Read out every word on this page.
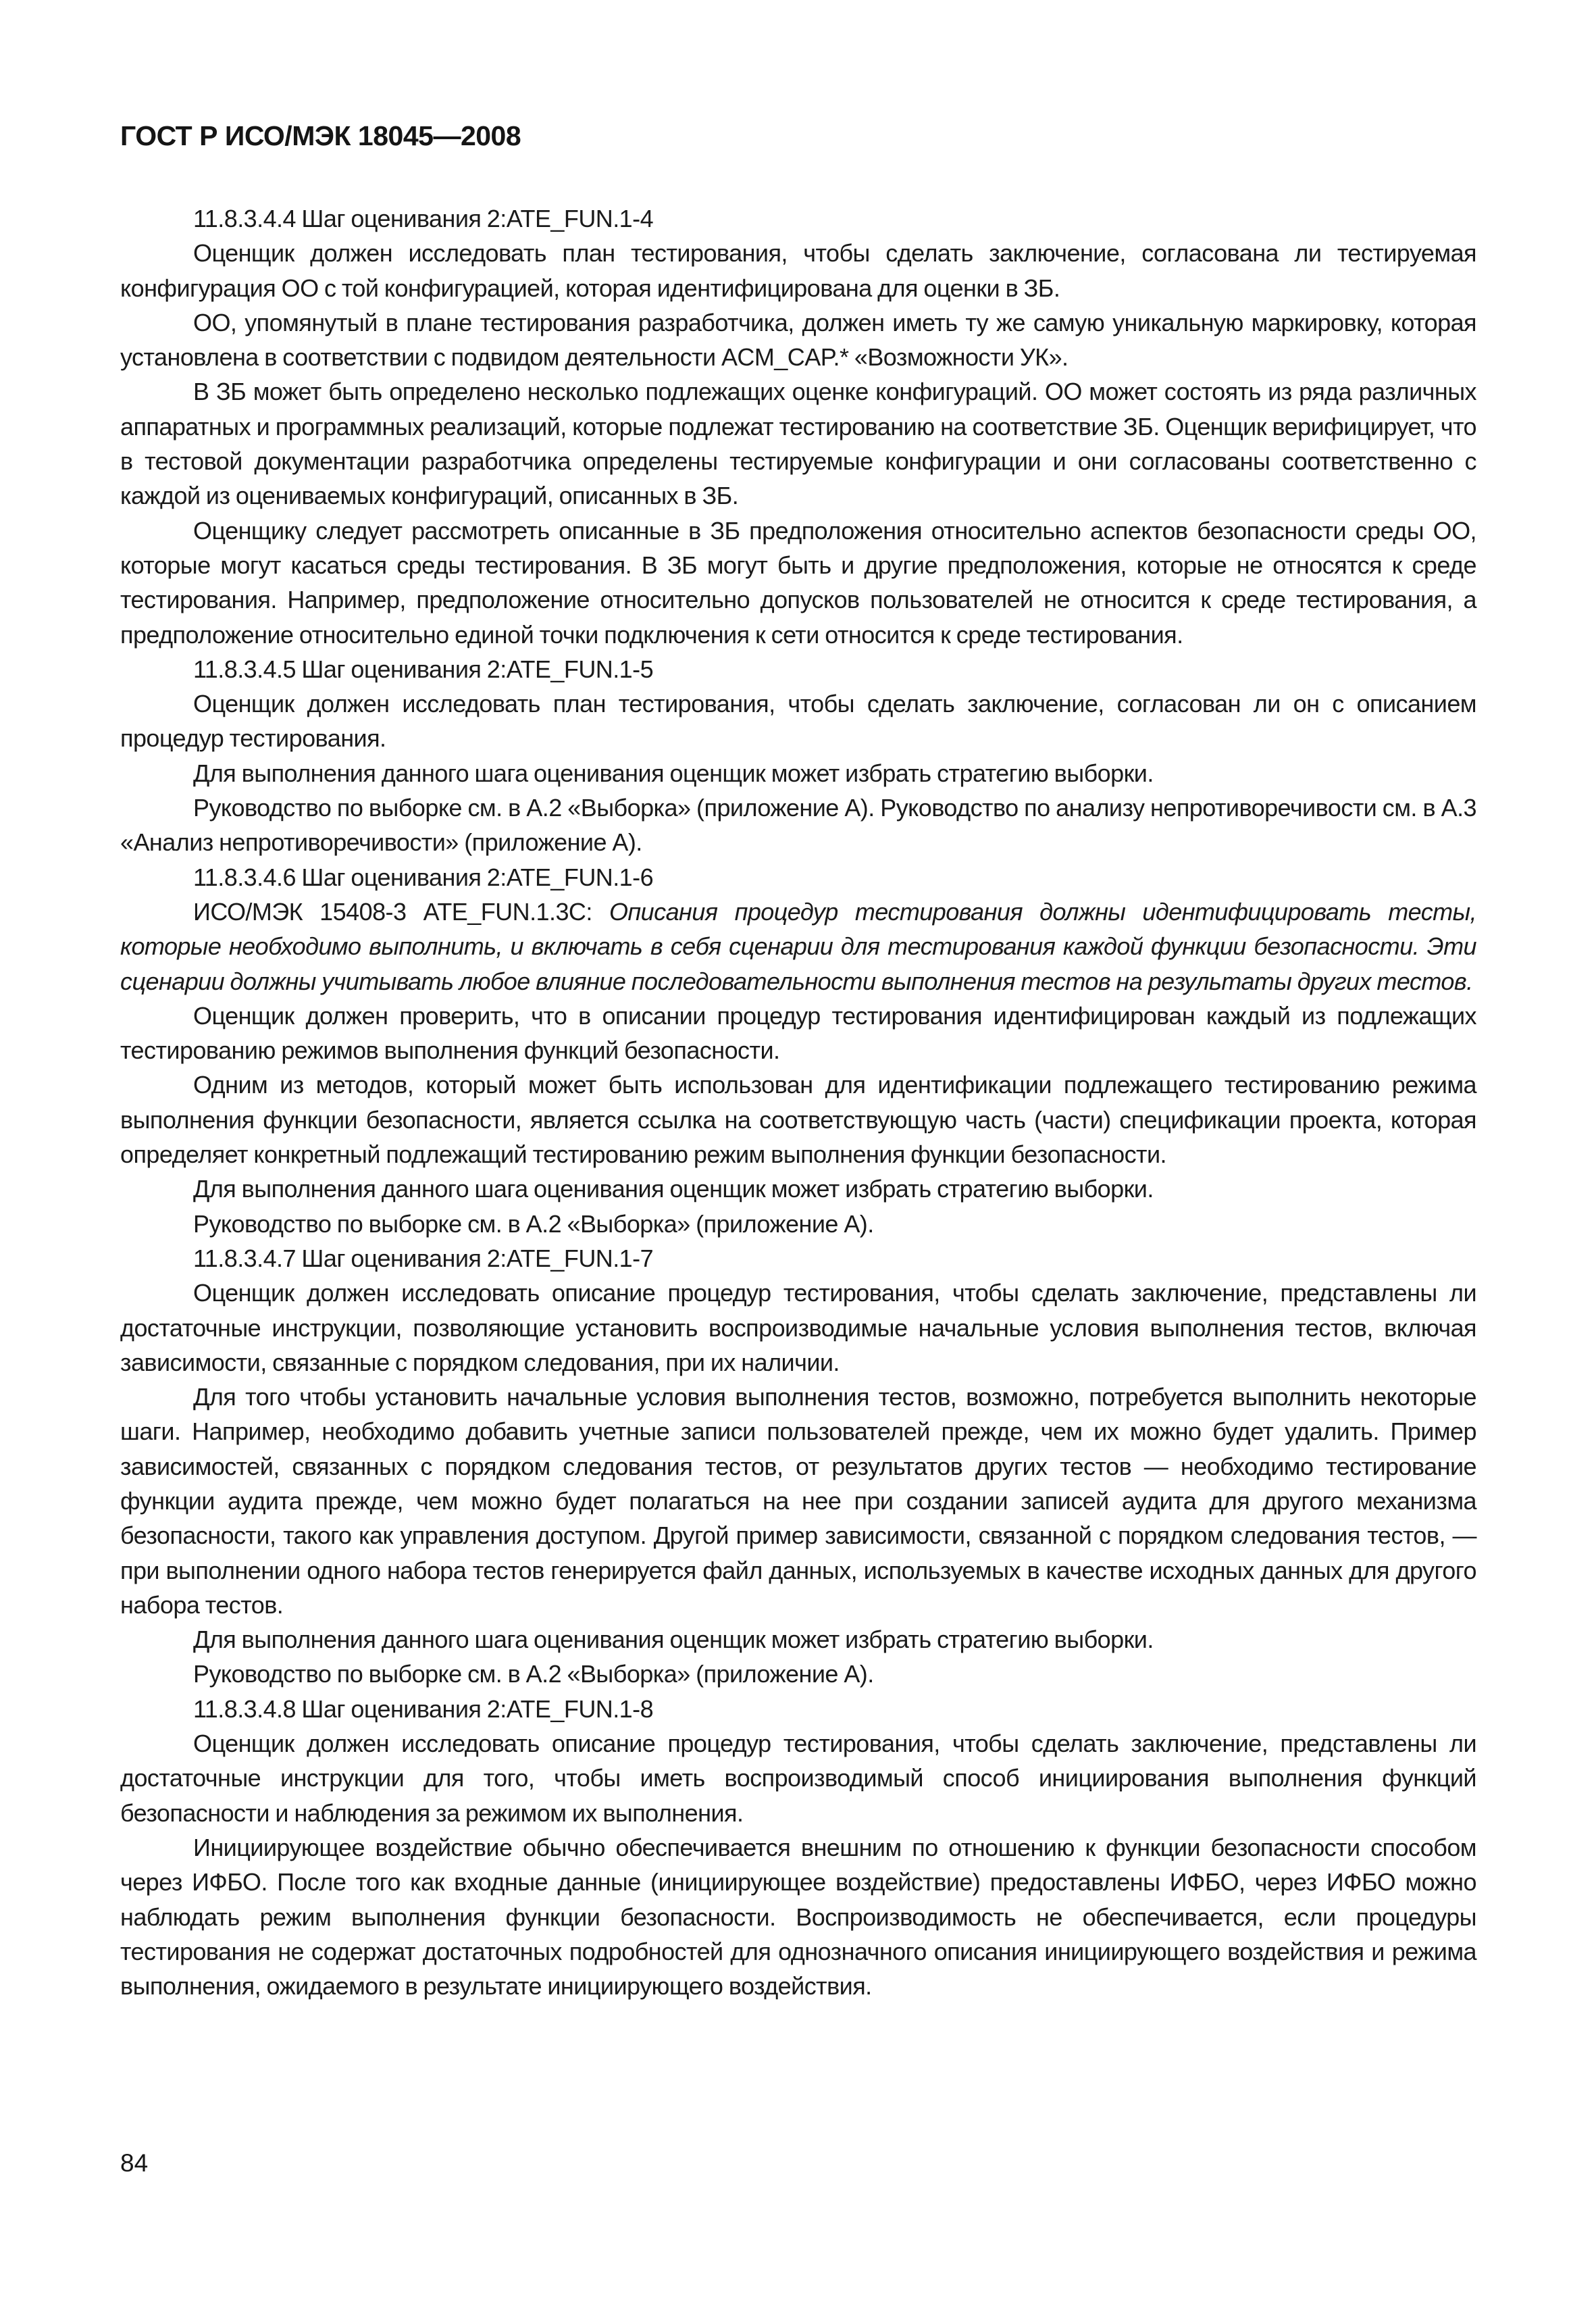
ГОСТ Р ИСО/МЭК 18045—2008

11.8.3.4.4 Шаг оценивания 2:ATE_FUN.1-4

Оценщик должен исследовать план тестирования, чтобы сделать заключение, согласована ли тестируемая конфигурация ОО с той конфигурацией, которая идентифицирована для оценки в ЗБ.

ОО, упомянутый в плане тестирования разработчика, должен иметь ту же самую уникальную маркировку, которая установлена в соответствии с подвидом деятельности ACM_CAP.* «Возможности УК».

В ЗБ может быть определено несколько подлежащих оценке конфигураций. ОО может состоять из ряда различных аппаратных и программных реализаций, которые подлежат тестированию на соответствие ЗБ. Оценщик верифицирует, что в тестовой документации разработчика определены тестируемые конфигурации и они согласованы соответственно с каждой из оцениваемых конфигураций, описанных в ЗБ.

Оценщику следует рассмотреть описанные в ЗБ предположения относительно аспектов безопасности среды ОО, которые могут касаться среды тестирования. В ЗБ могут быть и другие предположения, которые не относятся к среде тестирования. Например, предположение относительно допусков пользователей не относится к среде тестирования, а предположение относительно единой точки подключения к сети относится к среде тестирования.

11.8.3.4.5 Шаг оценивания 2:ATE_FUN.1-5

Оценщик должен исследовать план тестирования, чтобы сделать заключение, согласован ли он с описанием процедур тестирования.

Для выполнения данного шага оценивания оценщик может избрать стратегию выборки.

Руководство по выборке см. в А.2 «Выборка» (приложение А). Руководство по анализу непротиворечивости см. в А.3 «Анализ непротиворечивости» (приложение А).

11.8.3.4.6 Шаг оценивания 2:ATE_FUN.1-6

ИСО/МЭК 15408-3 ATE_FUN.1.3C: Описания процедур тестирования должны идентифицировать тесты, которые необходимо выполнить, и включать в себя сценарии для тестирования каждой функции безопасности. Эти сценарии должны учитывать любое влияние последовательности выполнения тестов на результаты других тестов.

Оценщик должен проверить, что в описании процедур тестирования идентифицирован каждый из подлежащих тестированию режимов выполнения функций безопасности.

Одним из методов, который может быть использован для идентификации подлежащего тестированию режима выполнения функции безопасности, является ссылка на соответствующую часть (части) спецификации проекта, которая определяет конкретный подлежащий тестированию режим выполнения функции безопасности.

Для выполнения данного шага оценивания оценщик может избрать стратегию выборки.

Руководство по выборке см. в А.2 «Выборка» (приложение А).

11.8.3.4.7 Шаг оценивания 2:ATE_FUN.1-7

Оценщик должен исследовать описание процедур тестирования, чтобы сделать заключение, представлены ли достаточные инструкции, позволяющие установить воспроизводимые начальные условия выполнения тестов, включая зависимости, связанные с порядком следования, при их наличии.

Для того чтобы установить начальные условия выполнения тестов, возможно, потребуется выполнить некоторые шаги. Например, необходимо добавить учетные записи пользователей прежде, чем их можно будет удалить. Пример зависимостей, связанных с порядком следования тестов, от результатов других тестов — необходимо тестирование функции аудита прежде, чем можно будет полагаться на нее при создании записей аудита для другого механизма безопасности, такого как управления доступом. Другой пример зависимости, связанной с порядком следования тестов, — при выполнении одного набора тестов генерируется файл данных, используемых в качестве исходных данных для другого набора тестов.

Для выполнения данного шага оценивания оценщик может избрать стратегию выборки.

Руководство по выборке см. в А.2 «Выборка» (приложение А).

11.8.3.4.8 Шаг оценивания 2:ATE_FUN.1-8

Оценщик должен исследовать описание процедур тестирования, чтобы сделать заключение, представлены ли достаточные инструкции для того, чтобы иметь воспроизводимый способ инициирования выполнения функций безопасности и наблюдения за режимом их выполнения.

Инициирующее воздействие обычно обеспечивается внешним по отношению к функции безопасности способом через ИФБО. После того как входные данные (инициирующее воздействие) предоставлены ИФБО, через ИФБО можно наблюдать режим выполнения функции безопасности. Воспроизводимость не обеспечивается, если процедуры тестирования не содержат достаточных подробностей для однозначного описания инициирующего воздействия и режима выполнения, ожидаемого в результате инициирующего воздействия.

84
